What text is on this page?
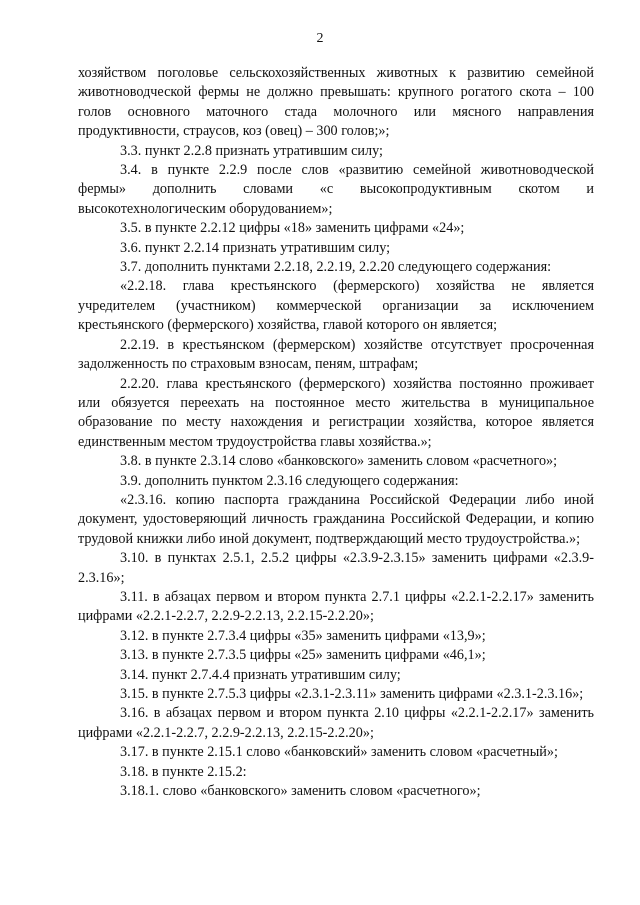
2

хозяйством поголовье сельскохозяйственных животных к развитию семейной животноводческой фермы не должно превышать: крупного рогатого скота – 100 голов основного маточного стада молочного или мясного направления продуктивности, страусов, коз (овец) – 300 голов;»;

3.3. пункт 2.2.8 признать утратившим силу;

3.4. в пункте 2.2.9 после слов «развитию семейной животноводческой фермы» дополнить словами «с высокопродуктивным скотом и высокотехнологическим оборудованием»;

3.5. в пункте 2.2.12 цифры «18» заменить цифрами «24»;

3.6. пункт 2.2.14 признать утратившим силу;

3.7. дополнить пунктами 2.2.18, 2.2.19, 2.2.20 следующего содержания:

«2.2.18. глава крестьянского (фермерского) хозяйства не является учредителем (участником) коммерческой организации за исключением крестьянского (фермерского) хозяйства, главой которого он является;

2.2.19. в крестьянском (фермерском) хозяйстве отсутствует просроченная задолженность по страховым взносам, пеням, штрафам;

2.2.20. глава крестьянского (фермерского) хозяйства постоянно проживает или обязуется переехать на постоянное место жительства в муниципальное образование по месту нахождения и регистрации хозяйства, которое является единственным местом трудоустройства главы хозяйства.»;

3.8. в пункте 2.3.14 слово «банковского» заменить словом «расчетного»;

3.9. дополнить пунктом 2.3.16 следующего содержания:

«2.3.16. копию паспорта гражданина Российской Федерации либо иной документ, удостоверяющий личность гражданина Российской Федерации, и копию трудовой книжки либо иной документ, подтверждающий место трудоустройства.»;

3.10. в пунктах 2.5.1, 2.5.2 цифры «2.3.9-2.3.15» заменить цифрами «2.3.9-2.3.16»;

3.11. в абзацах первом и втором пункта 2.7.1 цифры «2.2.1-2.2.17» заменить цифрами «2.2.1-2.2.7, 2.2.9-2.2.13, 2.2.15-2.2.20»;

3.12. в пункте 2.7.3.4 цифры «35» заменить цифрами «13,9»;

3.13. в пункте 2.7.3.5 цифры «25» заменить цифрами «46,1»;

3.14. пункт 2.7.4.4 признать утратившим силу;

3.15. в пункте 2.7.5.3 цифры «2.3.1-2.3.11» заменить цифрами «2.3.1-2.3.16»;

3.16. в абзацах первом и втором пункта 2.10 цифры «2.2.1-2.2.17» заменить цифрами «2.2.1-2.2.7, 2.2.9-2.2.13, 2.2.15-2.2.20»;

3.17. в пункте 2.15.1 слово «банковский» заменить словом «расчетный»;

3.18. в пункте 2.15.2:

3.18.1. слово «банковского» заменить словом «расчетного»;
